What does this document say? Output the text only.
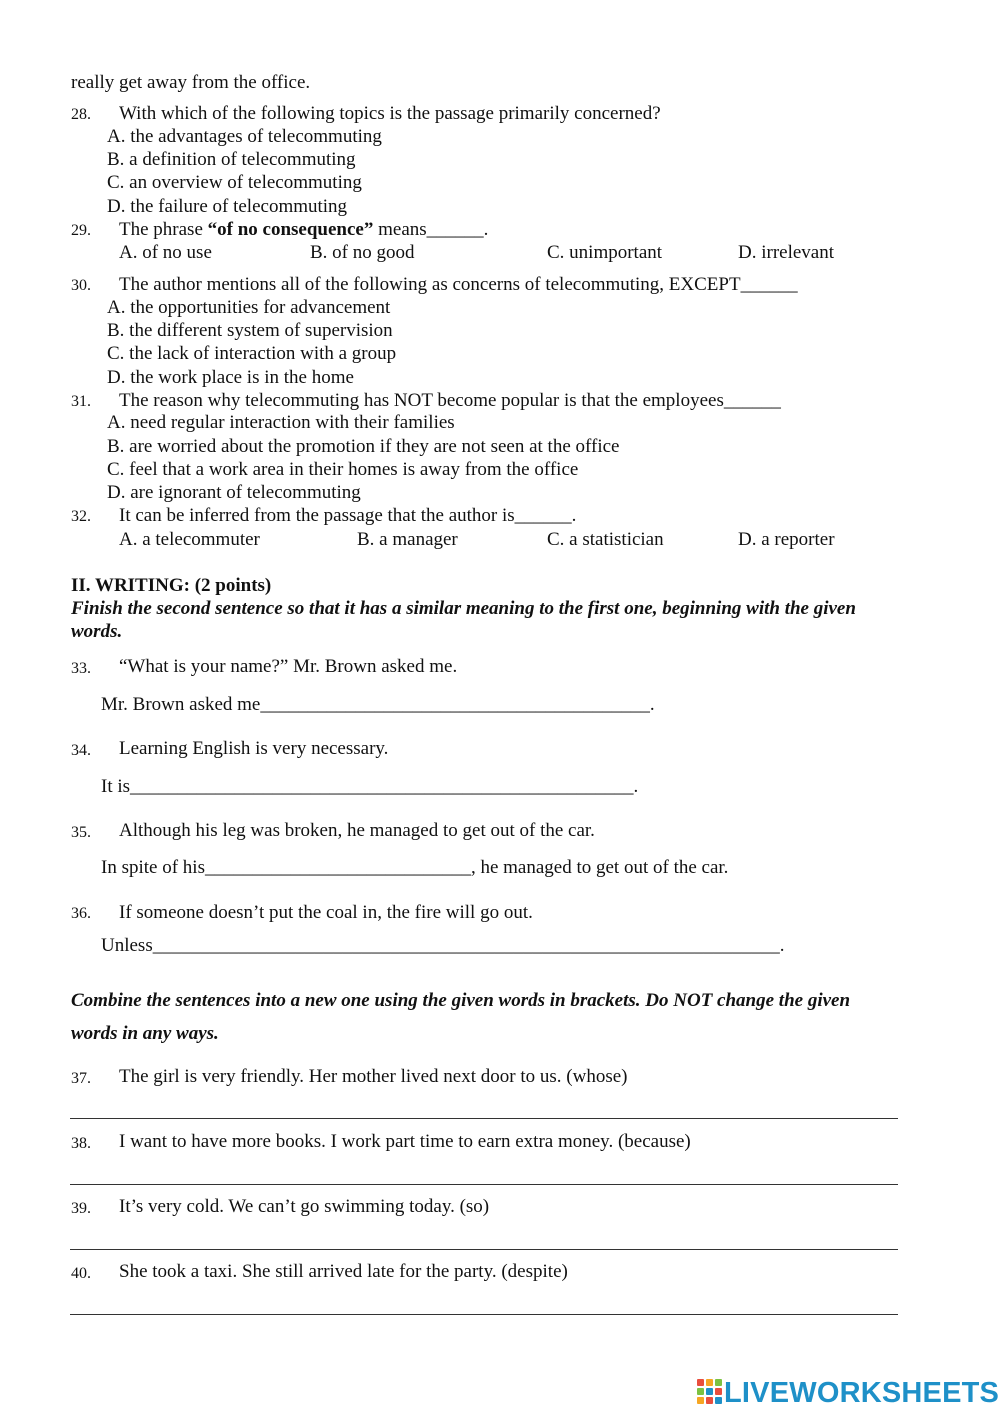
really get away from the office.
28. With which of the following topics is the passage primarily concerned?
A. the advantages of telecommuting
B. a definition of telecommuting
C. an overview of telecommuting
D. the failure of telecommuting
29. The phrase “of no consequence” means______.
A. of no use	B. of no good	C. unimportant	D. irrelevant
30. The author mentions all of the following as concerns of telecommuting, EXCEPT______
A. the opportunities for advancement
B. the different system of supervision
C. the lack of interaction with a group
D. the work place is in the home
31. The reason why telecommuting has NOT become popular is that the employees______
A. need regular interaction with their families
B. are worried about the promotion if they are not seen at the office
C. feel that a work area in their homes is away from the office
D. are ignorant of telecommuting
32. It can be inferred from the passage that the author is______.
A. a telecommuter	B. a manager	C. a statistician	D. a reporter
II. WRITING: (2 points)
Finish the second sentence so that it has a similar meaning to the first one, beginning with the given
words.
33. “What is your name?” Mr. Brown asked me.
Mr. Brown asked me_________________________________________.
34. Learning English is very necessary.
It is_____________________________________________________.
35. Although his leg was broken, he managed to get out of the car.
In spite of his____________________________, he managed to get out of the car.
36. If someone doesn’t put the coal in, the fire will go out.
Unless__________________________________________________________________.
Combine the sentences into a new one using the given words in brackets. Do NOT change the given
words in any ways.
37. The girl is very friendly. Her mother lived next door to us. (whose)
38. I want to have more books. I work part time to earn extra money. (because)
39. It’s very cold. We can’t go swimming today. (so)
40. She took a taxi. She still arrived late for the party. (despite)
LIVEWORKSHEETS
